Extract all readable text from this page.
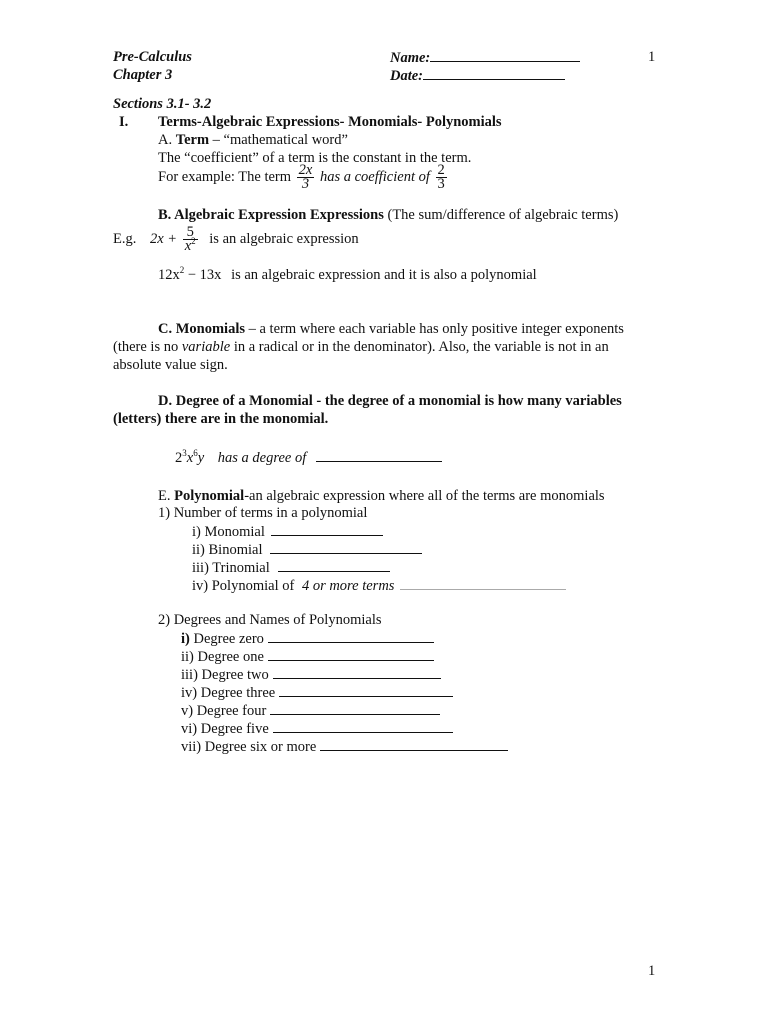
Pre-Calculus
Chapter 3
Name:
Date:
1
Sections 3.1- 3.2
I. Terms-Algebraic Expressions- Monomials- Polynomials
A. Term – “mathematical word”
The “coefficient” of a term is the constant in the term.
For example: The term $\frac{2x}{3}$ has a coefficient of $\frac{2}{3}$
B. Algebraic Expression Expressions (The sum/difference of algebraic terms)
E.g. $2x + \frac{5}{x^2}$ is an algebraic expression
$12x^2 - 13x$ is an algebraic expression and it is also a polynomial
C. Monomials – a term where each variable has only positive integer exponents
(there is no variable in a radical or in the denominator). Also, the variable is not in an
absolute value sign.
D. Degree of a Monomial - the degree of a monomial is how many variables
(letters) there are in the monomial.
$2^3x^6y$ has a degree of
E. Polynomial-an algebraic expression where all of the terms are monomials
1) Number of terms in a polynomial
i) Monomial
ii) Binomial
iii) Trinomial
iv) Polynomial of 4 or more terms
2) Degrees and Names of Polynomials
i) Degree zero
ii) Degree one
iii) Degree two
iv) Degree three
v) Degree four
vi) Degree five
vii) Degree six or more
1
